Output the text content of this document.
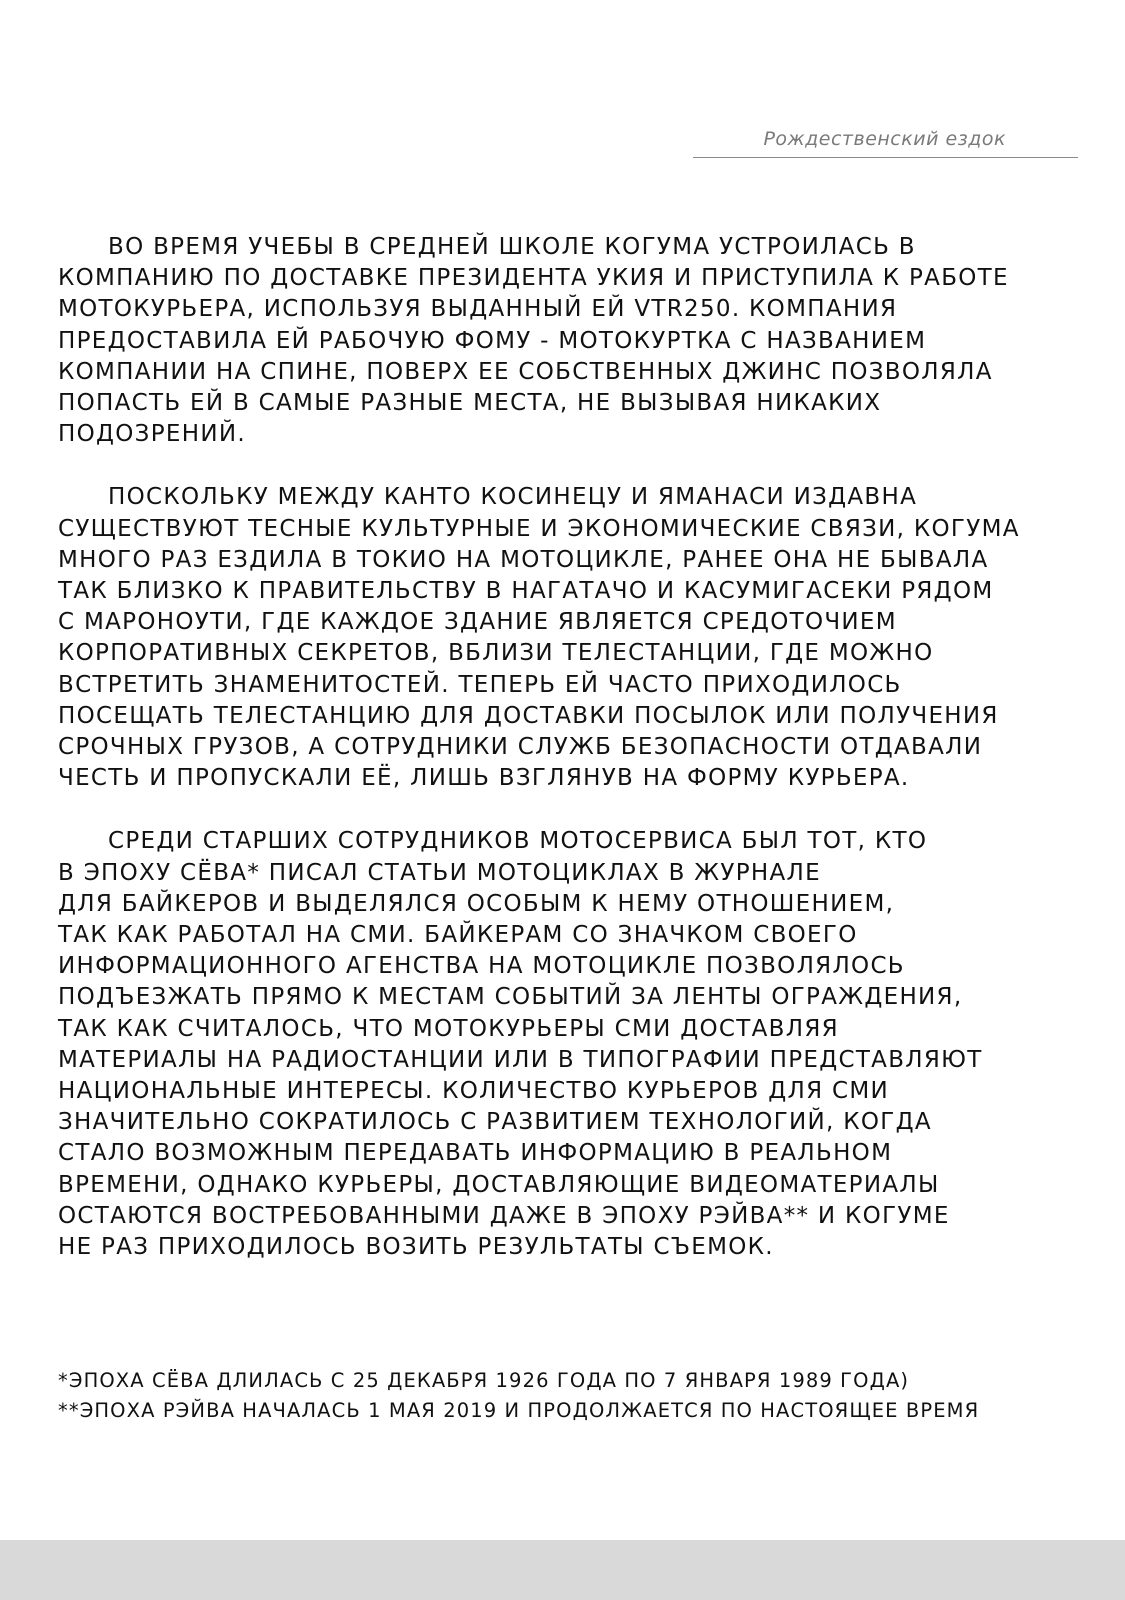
Рождественский ездок
ВО ВРЕМЯ УЧЕБЫ В СРЕДНЕЙ ШКОЛЕ КОГУМА УСТРОИЛАСЬ В
КОМПАНИЮ ПО ДОСТАВКЕ ПРЕЗИДЕНТА УКИЯ И ПРИСТУПИЛА К РАБОТЕ
МОТОКУРЬЕРА, ИСПОЛЬЗУЯ ВЫДАННЫЙ ЕЙ VTR250. КОМПАНИЯ
ПРЕДОСТАВИЛА ЕЙ РАБОЧУЮ ФОМУ - МОТОКУРТКА С НАЗВАНИЕМ
КОМПАНИИ НА СПИНЕ, ПОВЕРХ ЕЕ СОБСТВЕННЫХ ДЖИНС ПОЗВОЛЯЛА
ПОПАСТЬ ЕЙ В САМЫЕ РАЗНЫЕ МЕСТА, НЕ ВЫЗЫВАЯ НИКАКИХ
ПОДОЗРЕНИЙ.
ПОСКОЛЬКУ МЕЖДУ КАНТО КОСИНЕЦУ И ЯМАНАСИ ИЗДАВНА
СУЩЕСТВУЮТ ТЕСНЫЕ КУЛЬТУРНЫЕ И ЭКОНОМИЧЕСКИЕ СВЯЗИ, КОГУМА
МНОГО РАЗ ЕЗДИЛА В ТОКИО НА МОТОЦИКЛЕ, РАНЕЕ ОНА НЕ БЫВАЛА
ТАК БЛИЗКО К ПРАВИТЕЛЬСТВУ В НАГАТАЧО И КАСУМИГАСЕКИ РЯДОМ
С МАРОНОУТИ, ГДЕ КАЖДОЕ ЗДАНИЕ ЯВЛЯЕТСЯ СРЕДОТОЧИЕМ
КОРПОРАТИВНЫХ СЕКРЕТОВ, ВБЛИЗИ ТЕЛЕСТАНЦИИ, ГДЕ МОЖНО
ВСТРЕТИТЬ ЗНАМЕНИТОСТЕЙ. ТЕПЕРЬ ЕЙ ЧАСТО ПРИХОДИЛОСЬ
ПОСЕЩАТЬ ТЕЛЕСТАНЦИЮ ДЛЯ ДОСТАВКИ ПОСЫЛОК ИЛИ ПОЛУЧЕНИЯ
СРОЧНЫХ ГРУЗОВ, А СОТРУДНИКИ СЛУЖБ БЕЗОПАСНОСТИ ОТДАВАЛИ
ЧЕСТЬ И ПРОПУСКАЛИ ЕЁ, ЛИШЬ ВЗГЛЯНУВ НА ФОРМУ КУРЬЕРА.
СРЕДИ СТАРШИХ СОТРУДНИКОВ МОТОСЕРВИСА БЫЛ ТОТ, КТО
В ЭПОХУ СЁВА* ПИСАЛ СТАТЬИ МОТОЦИКЛАХ В ЖУРНАЛЕ
ДЛЯ БАЙКЕРОВ И ВЫДЕЛЯЛСЯ ОСОБЫМ К НЕМУ ОТНОШЕНИЕМ,
ТАК КАК РАБОТАЛ НА СМИ. БАЙКЕРАМ СО ЗНАЧКОМ СВОЕГО
ИНФОРМАЦИОННОГО АГЕНСТВА НА МОТОЦИКЛЕ ПОЗВОЛЯЛОСЬ
ПОДЪЕЗЖАТЬ ПРЯМО К МЕСТАМ СОБЫТИЙ ЗА ЛЕНТЫ ОГРАЖДЕНИЯ,
ТАК КАК СЧИТАЛОСЬ, ЧТО МОТОКУРЬЕРЫ СМИ ДОСТАВЛЯЯ
МАТЕРИАЛЫ НА РАДИОСТАНЦИИ ИЛИ В ТИПОГРАФИИ ПРЕДСТАВЛЯЮТ
НАЦИОНАЛЬНЫЕ ИНТЕРЕСЫ. КОЛИЧЕСТВО КУРЬЕРОВ ДЛЯ СМИ
ЗНАЧИТЕЛЬНО СОКРАТИЛОСЬ С РАЗВИТИЕМ ТЕХНОЛОГИЙ, КОГДА
СТАЛО ВОЗМОЖНЫМ ПЕРЕДАВАТЬ ИНФОРМАЦИЮ В РЕАЛЬНОМ
ВРЕМЕНИ, ОДНАКО КУРЬЕРЫ, ДОСТАВЛЯЮЩИЕ ВИДЕОМАТЕРИАЛЫ
ОСТАЮТСЯ ВОСТРЕБОВАННЫМИ ДАЖЕ В ЭПОХУ РЭЙВА** И КОГУМЕ
НЕ РАЗ ПРИХОДИЛОСЬ ВОЗИТЬ РЕЗУЛЬТАТЫ СЪЕМОК.
*ЭПОХА СЁВА ДЛИЛАСЬ С 25 ДЕКАБРЯ 1926 ГОДА ПО 7 ЯНВАРЯ 1989 ГОДА)
**ЭПОХА РЭЙВА НАЧАЛАСЬ 1 МАЯ 2019 И ПРОДОЛЖАЕТСЯ ПО НАСТОЯЩЕЕ ВРЕМЯ
